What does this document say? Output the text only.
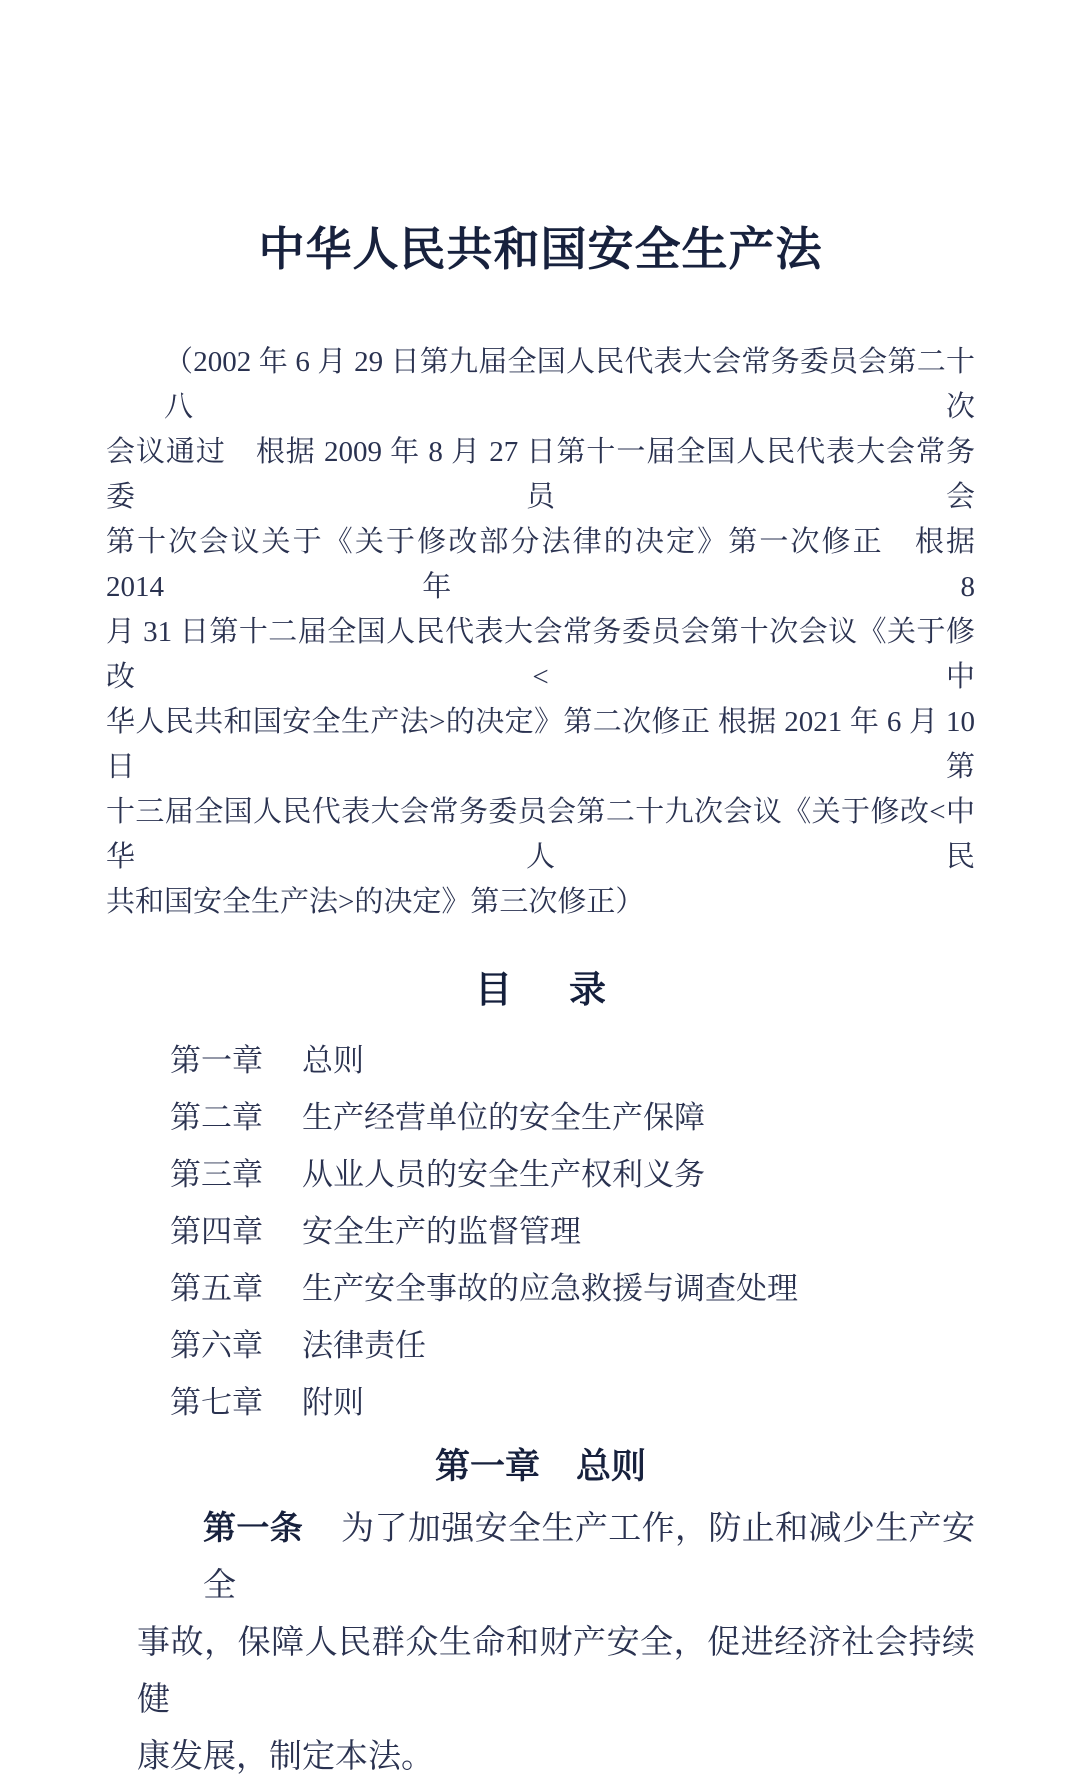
中华人民共和国安全生产法
（2002 年 6 月 29 日第九届全国人民代表大会常务委员会第二十八次
会议通过　根据 2009 年 8 月 27 日第十一届全国人民代表大会常务委员会
第十次会议关于《关于修改部分法律的决定》第一次修正　根据 2014 年 8
月 31 日第十二届全国人民代表大会常务委员会第十次会议《关于修改<中
华人民共和国安全生产法>的决定》第二次修正 根据 2021 年 6 月 10 日第
十三届全国人民代表大会常务委员会第二十九次会议《关于修改<中华人民
共和国安全生产法>的决定》第三次修正）
目　录
第一章 总则
第二章 生产经营单位的安全生产保障
第三章 从业人员的安全生产权利义务
第四章 安全生产的监督管理
第五章 生产安全事故的应急救援与调查处理
第六章 法律责任
第七章 附则
第一章 总则
第一条 为了加强安全生产工作，防止和减少生产安全
事故，保障人民群众生命和财产安全，促进经济社会持续健
康发展，制定本法。
